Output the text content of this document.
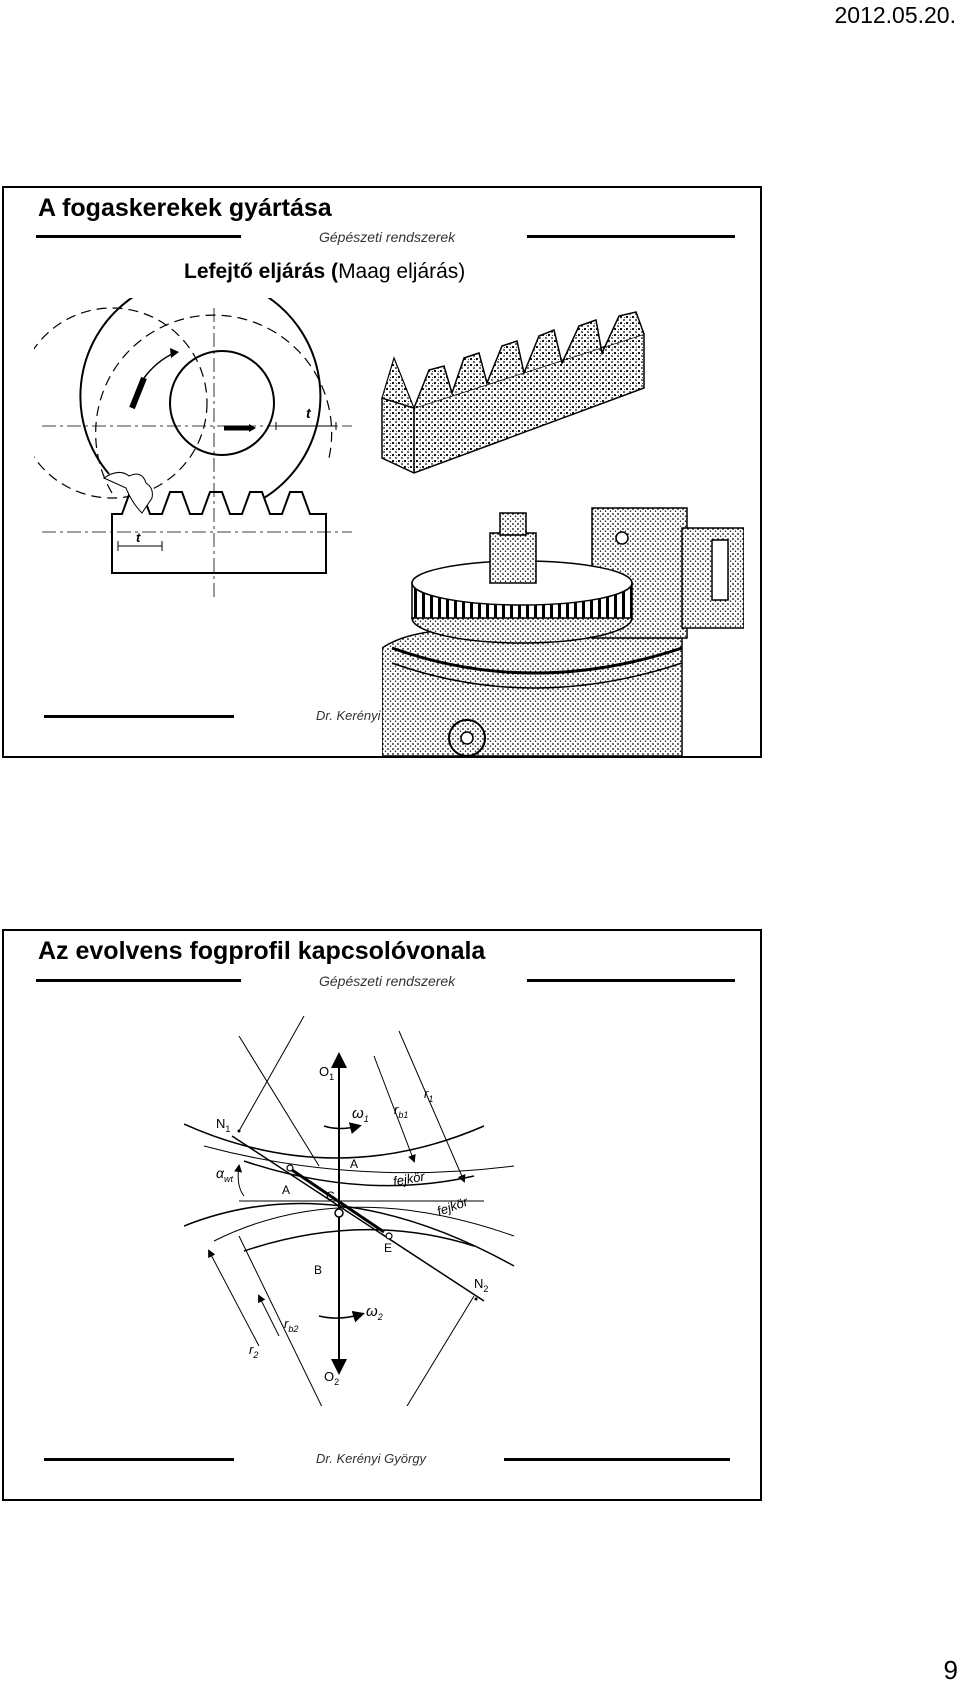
2012.05.20.
A fogaskerekek gyártása
Gépészeti rendszerek
Lefejtő eljárás (Maag eljárás)
t
t
Dr. Kerényi
Az evolvens fogprofil kapcsolóvonala
Gépészeti rendszerek
$O_1$
$\omega_1$
$r_{b1}$
$r_1$
$N_1$
$\alpha_{wt}$
A
A	C
E
B
fejkör
fejkör
$N_2$
$r_{b2}$
$r_2$
$\omega_2$
$O_2$
Dr. Kerényi György
9
